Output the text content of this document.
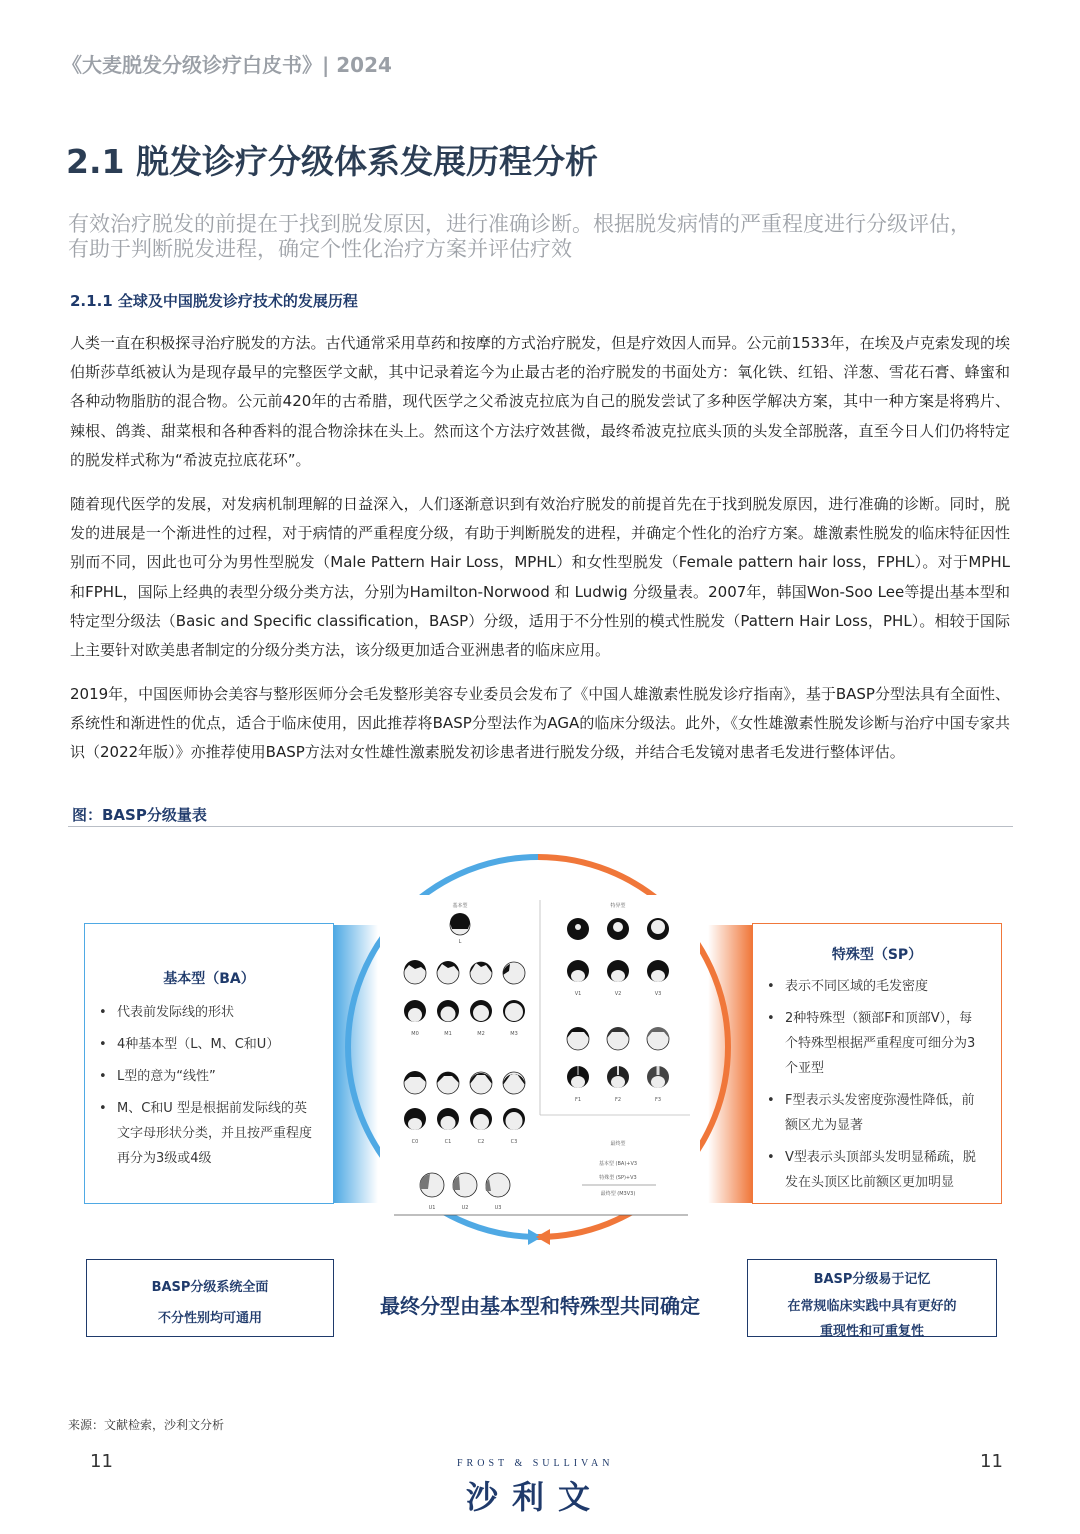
《大麦脱发分级诊疗白皮书》| 2024
2.1 脱发诊疗分级体系发展历程分析
有效治疗脱发的前提在于找到脱发原因，进行准确诊断。根据脱发病情的严重程度进行分级评估，
有助于判断脱发进程，确定个性化治疗方案并评估疗效
2.1.1 全球及中国脱发诊疗技术的发展历程
人类一直在积极探寻治疗脱发的方法。古代通常采用草药和按摩的方式治疗脱发，但是疗效因人而异。公元前1533年，在埃及卢克索发现的埃伯斯莎草纸被认为是现存最早的完整医学文献，其中记录着迄今为止最古老的治疗脱发的书面处方：氧化铁、红铅、洋葱、雪花石膏、蜂蜜和各种动物脂肪的混合物。公元前420年的古希腊，现代医学之父希波克拉底为自己的脱发尝试了多种医学解决方案，其中一种方案是将鸦片、辣根、鸽粪、甜菜根和各种香料的混合物涂抹在头上。然而这个方法疗效甚微，最终希波克拉底头顶的头发全部脱落，直至今日人们仍将特定的脱发样式称为“希波克拉底花环”。
随着现代医学的发展，对发病机制理解的日益深入，人们逐渐意识到有效治疗脱发的前提首先在于找到脱发原因，进行准确的诊断。同时，脱发的进展是一个渐进性的过程，对于病情的严重程度分级，有助于判断脱发的进程，并确定个性化的治疗方案。雄激素性脱发的临床特征因性别而不同，因此也可分为男性型脱发（Male Pattern Hair Loss，MPHL）和女性型脱发（Female pattern hair loss，FPHL）。对于MPHL和FPHL，国际上经典的表型分级分类方法，分别为Hamilton-Norwood 和 Ludwig 分级量表。2007年，韩国Won-Soo Lee等提出基本型和特定型分级法（Basic and Specific classification，BASP）分级，适用于不分性别的模式性脱发（Pattern Hair Loss，PHL）。相较于国际上主要针对欧美患者制定的分级分类方法，该分级更加适合亚洲患者的临床应用。
2019年，中国医师协会美容与整形医师分会毛发整形美容专业委员会发布了《中国人雄激素性脱发诊疗指南》，基于BASP分型法具有全面性、系统性和渐进性的优点，适合于临床使用，因此推荐将BASP分型法作为AGA的临床分级法。此外，《女性雄激素性脱发诊断与治疗中国专家共识（2022年版）》亦推荐使用BASP方法对女性雄性激素脱发初诊患者进行脱发分级，并结合毛发镜对患者毛发进行整体评估。
图：BASP分级量表
基本型
L
M0	M1	M2	M3
C0	C1	C2	C3
U1	U2	U3
特异型
V1	V2	V3
F1	F2	F3
最终型
基本型 (BA)+V3
特殊型 (SP)+V3
最终型 (M3V3)
基本型（BA）
• 代表前发际线的形状
• 4种基本型（L、M、C和U）
• L型的意为“线性”
• M、C和U 型是根据前发际线的英文字母形状分类，并且按严重程度再分为3级或4级
特殊型（SP）
• 表示不同区域的毛发密度
• 2种特殊型（额部F和顶部V），每个特殊型根据严重程度可细分为3个亚型
• F型表示头发密度弥漫性降低，前额区尤为显著
• V型表示头顶部头发明显稀疏，脱发在头顶区比前额区更加明显
BASP分级系统全面
不分性别均可通用
最终分型由基本型和特殊型共同确定
BASP分级易于记忆
在常规临床实践中具有更好的
重现性和可重复性
来源：文献检索，沙利文分析
11	11
FROST & SULLIVAN
沙利文
